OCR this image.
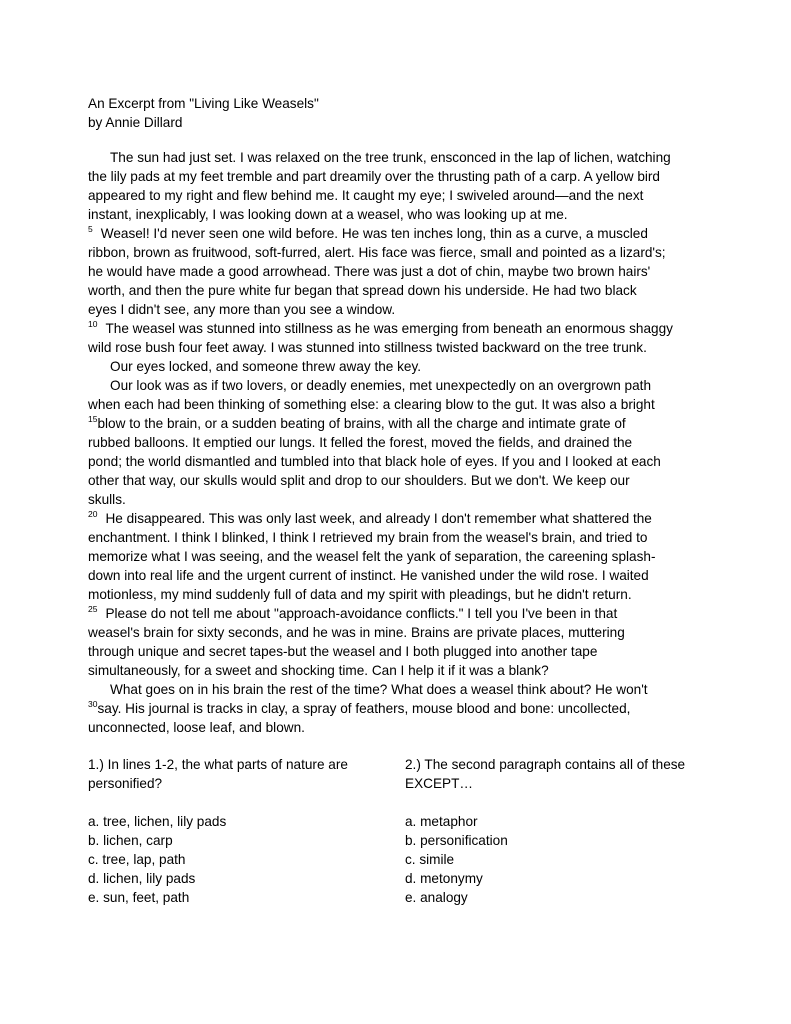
An Excerpt from "Living Like Weasels"
by Annie Dillard
The sun had just set. I was relaxed on the tree trunk, ensconced in the lap of lichen, watching
the lily pads at my feet tremble and part dreamily over the thrusting path of a carp. A yellow bird
appeared to my right and flew behind me. It caught my eye; I swiveled around—and the next
instant, inexplicably, I was looking down at a weasel, who was looking up at me.
$^5$ Weasel! I'd never seen one wild before. He was ten inches long, thin as a curve, a muscled
ribbon, brown as fruitwood, soft-furred, alert. His face was fierce, small and pointed as a lizard's;
he would have made a good arrowhead. There was just a dot of chin, maybe two brown hairs'
worth, and then the pure white fur began that spread down his underside. He had two black
eyes I didn't see, any more than you see a window.
$^{10}$ The weasel was stunned into stillness as he was emerging from beneath an enormous shaggy
wild rose bush four feet away. I was stunned into stillness twisted backward on the tree trunk.
Our eyes locked, and someone threw away the key.
Our look was as if two lovers, or deadly enemies, met unexpectedly on an overgrown path
when each had been thinking of something else: a clearing blow to the gut. It was also a bright
$^{15}$blow to the brain, or a sudden beating of brains, with all the charge and intimate grate of
rubbed balloons. It emptied our lungs. It felled the forest, moved the fields, and drained the
pond; the world dismantled and tumbled into that black hole of eyes. If you and I looked at each
other that way, our skulls would split and drop to our shoulders. But we don't. We keep our
skulls.
$^{20}$ He disappeared. This was only last week, and already I don't remember what shattered the
enchantment. I think I blinked, I think I retrieved my brain from the weasel's brain, and tried to
memorize what I was seeing, and the weasel felt the yank of separation, the careening splash-
down into real life and the urgent current of instinct. He vanished under the wild rose. I waited
motionless, my mind suddenly full of data and my spirit with pleadings, but he didn't return.
$^{25}$ Please do not tell me about "approach-avoidance conflicts." I tell you I've been in that
weasel's brain for sixty seconds, and he was in mine. Brains are private places, muttering
through unique and secret tapes-but the weasel and I both plugged into another tape
simultaneously, for a sweet and shocking time. Can I help it if it was a blank?
What goes on in his brain the rest of the time? What does a weasel think about? He won't
$^{30}$say. His journal is tracks in clay, a spray of feathers, mouse blood and bone: uncollected,
unconnected, loose leaf, and blown.
1.) In lines 1-2, the what parts of nature are
personified?
a. tree, lichen, lily pads
b. lichen, carp
c. tree, lap, path
d. lichen, lily pads
e. sun, feet, path
2.) The second paragraph contains all of these
EXCEPT…
a. metaphor
b. personification
c. simile
d. metonymy
e. analogy
